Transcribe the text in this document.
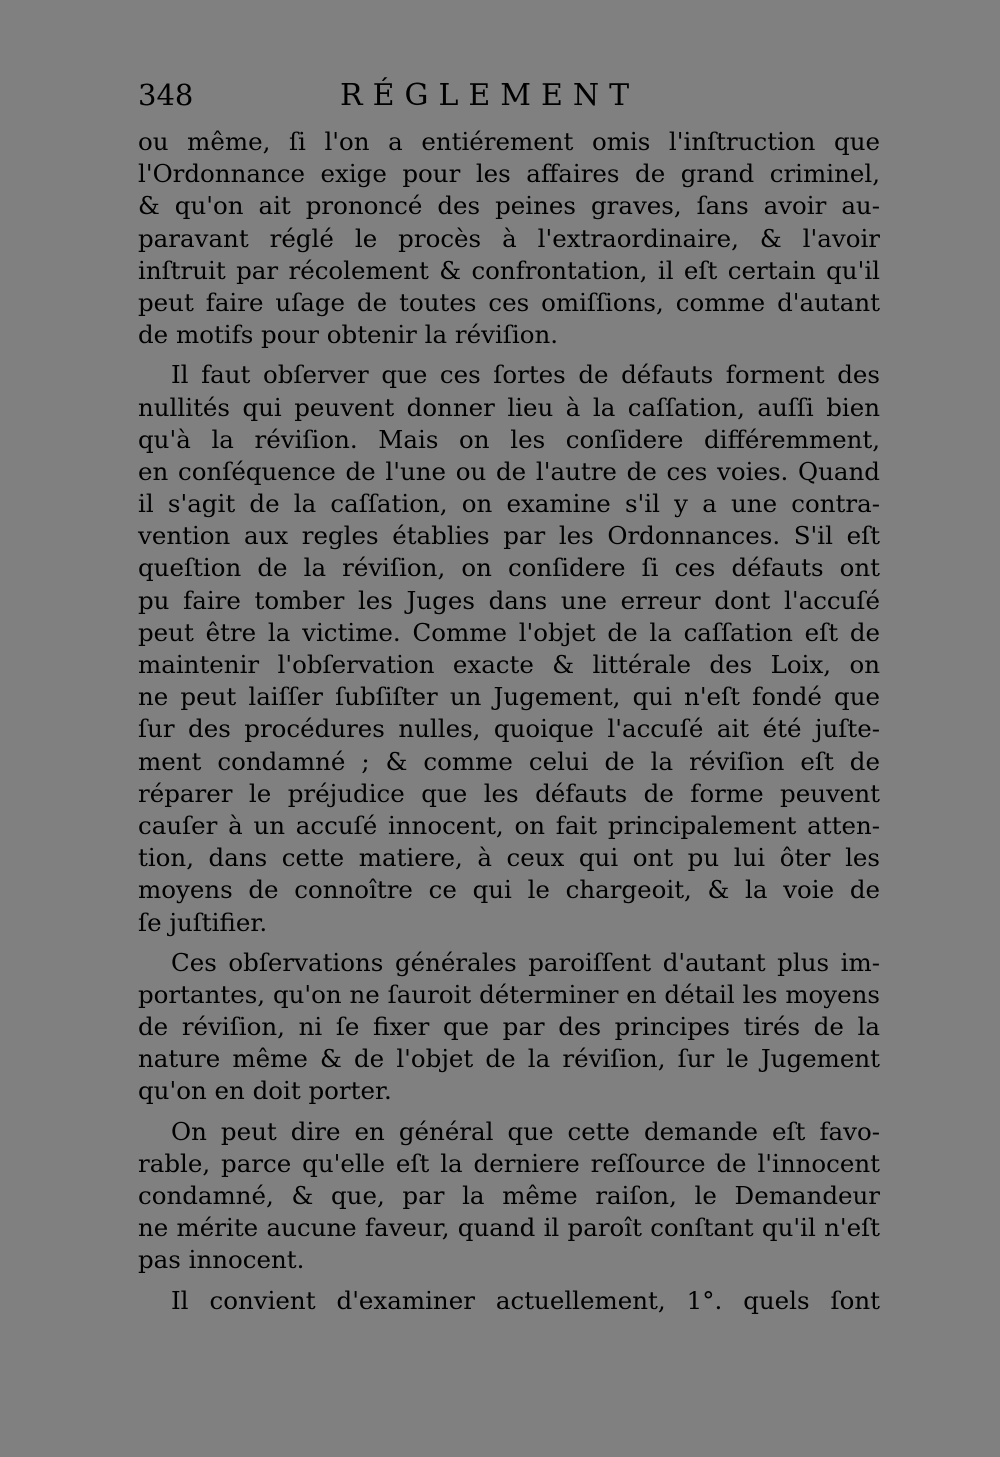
348	RÉGLEMENT
ou même, ſi l'on a entiérement omis l'inſtruction que
l'Ordonnance exige pour les affaires de grand criminel,
& qu'on ait prononcé des peines graves, ſans avoir au-
paravant réglé le procès à l'extraordinaire, & l'avoir
inſtruit par récolement & confrontation, il eſt certain qu'il
peut faire uſage de toutes ces omiſſions, comme d'autant
de motifs pour obtenir la réviſion.
Il faut obſerver que ces ſortes de défauts forment des
nullités qui peuvent donner lieu à la caſſation, auſſi bien
qu'à la réviſion. Mais on les conſidere différemment,
en conſéquence de l'une ou de l'autre de ces voies. Quand
il s'agit de la caſſation, on examine s'il y a une contra-
vention aux regles établies par les Ordonnances. S'il eſt
queſtion de la réviſion, on conſidere ſi ces défauts ont
pu faire tomber les Juges dans une erreur dont l'accuſé
peut être la victime. Comme l'objet de la caſſation eſt de
maintenir l'obſervation exacte & littérale des Loix, on
ne peut laiſſer ſubſiſter un Jugement, qui n'eſt fondé que
ſur des procédures nulles, quoique l'accuſé ait été juſte-
ment condamné ; & comme celui de la réviſion eſt de
réparer le préjudice que les défauts de forme peuvent
cauſer à un accuſé innocent, on fait principalement atten-
tion, dans cette matiere, à ceux qui ont pu lui ôter les
moyens de connoître ce qui le chargeoit, & la voie de
ſe juſtifier.
Ces obſervations générales paroiſſent d'autant plus im-
portantes, qu'on ne ſauroit déterminer en détail les moyens
de réviſion, ni ſe fixer que par des principes tirés de la
nature même & de l'objet de la réviſion, ſur le Jugement
qu'on en doit porter.
On peut dire en général que cette demande eſt favo-
rable, parce qu'elle eſt la derniere reſſource de l'innocent
condamné, & que, par la même raiſon, le Demandeur
ne mérite aucune faveur, quand il paroît conſtant qu'il n'eſt
pas innocent.
Il convient d'examiner actuellement, 1°. quels ſont
